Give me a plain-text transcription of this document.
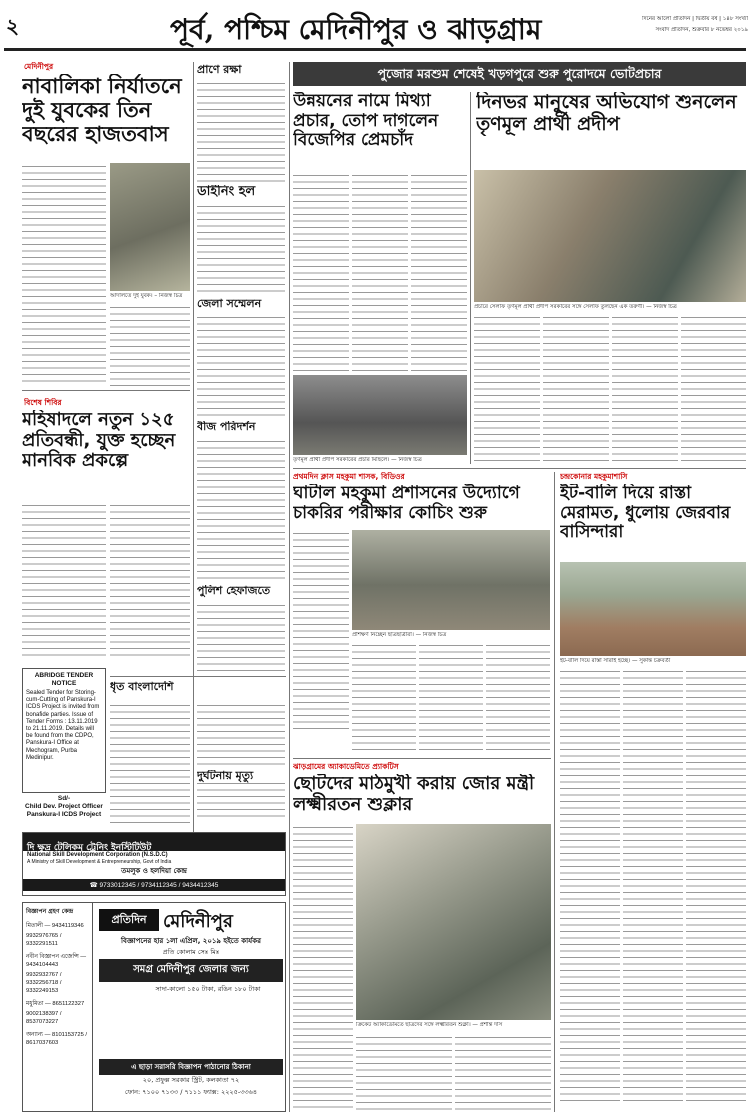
২	পূর্ব, পশ্চিম মেদিনীপুর ও ঝাড়গ্রাম	দিনের আলো প্রতিদিন | দ্বিতীয় বর্ষ | ১৪৮ সংখ্যা
সংবাদ প্রতিদিন, শুক্রবার ৮ নভেম্বর ২০১৯
মেদিনীপুর
নাবালিকা নির্যাতনে দুই যুবকের তিন বছরের হাজতবাস
আদালতে দুই যুবক। – নিজস্ব চিত্র
বিশেষ শিবির
মহিষাদলে নতুন ১২৫ প্রতিবন্ধী, যুক্ত হচ্ছেন মানবিক প্রকল্পে
ABRIDGE TENDER NOTICE
Sealed Tender for Storing-cum-Cutting of Panskura-I ICDS Project is invited from bonafide parties. Issue of Tender Forms : 13.11.2019 to 21.11.2019. Details will be found from the CDPO, Panskura-I Office at Mechogram, Purba Medinipur.
Sd/-
Child Dev. Project Officer
Panskura-I ICDS Project
প্রাণে রক্ষা
ডাইনিং হল
জেলা সম্মেলন
বীজ পরিদর্শন
পুলিশ হেফাজতে
ধৃত বাংলাদেশি
দুর্ঘটনায় মৃত্যু
দি ক্ষুদ্র টেলিকম্ ট্রেনিং ইনস্টিটিউট
National Skill Development Corporation (N.S.D.C)
A Ministry of Skill Development & Entrepreneurship, Govt of India
তমলুক ও হলদিয়া কেন্দ্র
☎ 9733012345 / 9734112345 / 9434412345
বিজ্ঞাপন গ্রহণ কেন্দ্র
মিতালী — 9434119346
9932976765 / 9332291511
নবীন বিজ্ঞাপন এজেন্সি — 9434104443
9932932767 / 9332256718 / 9332249153
মধুমিতা — 8651122327
9002138397 / 8537073227
অন্যান্য — 8101153725 / 8617037603
প্রতিদিন মেদিনীপুর
বিজ্ঞাপনের হার ১লা এপ্রিল, ২০১৯ হইতে কার্যকর
প্রতি কোলাম সেঃ মিঃ
সমগ্র মেদিনীপুর জেলার জন্য
সাদা-কালো ১৫০ টাকা, রঙিন ১৮০ টাকা
এ ছাড়া সরাসরি বিজ্ঞাপন পাঠানোর ঠিকানা
২০, প্রফুল্ল সরকার স্ট্রিট, কলকাতা ৭২
ফোন: ৭১০০ ৭১৩৩ / ৭১১১ ফ্যাক্স: ২২২৫-৩৩৬৪
পুজোর মরশুম শেষেই খড়গপুরে শুরু পুরোদমে ভোটপ্রচার
উন্নয়নের নামে মিথ্যা প্রচার, তোপ দাগলেন বিজেপির প্রেমচাঁদ
তৃণমূল প্রার্থী প্রদীপ সরকারের প্রচার মিছিলে। — নিজস্ব চিত্র
দিনভর মানুষের অভিযোগ শুনলেন তৃণমূল প্রার্থী প্রদীপ
প্রচারে সেলফি তৃণমূল প্রার্থী প্রদীপ সরকারের সঙ্গে সেলফি তুলছেন এক তরুণী। — নিজস্ব চিত্র
প্রথমদিন ক্লাস মহকুমা শাসক, বিডিওর
ঘাটাল মহকুমা প্রশাসনের উদ্যোগে চাকরির পরীক্ষার কোচিং শুরু
প্রশিক্ষণ নিচ্ছেন ছাত্রছাত্রীরা। — নিজস্ব চিত্র
চন্দ্রকোনার মহকুমাশাসি
ইট-বালি দিয়ে রাস্তা মেরামত, ধুলোয় জেরবার বাসিন্দারা
ইট-বালি দিয়ে রাস্তা সারাই হচ্ছে। — সুকান্ত চক্রবর্তী
ঝাড়গ্রামের অ্যাকাডেমিতে প্র্যাকটিস
ছোটদের মাঠমুখী করায় জোর মন্ত্রী লক্ষ্মীরতন শুক্লার
ক্রিকেট অ্যাকাডেমিতে ছাত্রদের সঙ্গে লক্ষ্মীরতন শুক্লা। — প্রশান্ত দাস
